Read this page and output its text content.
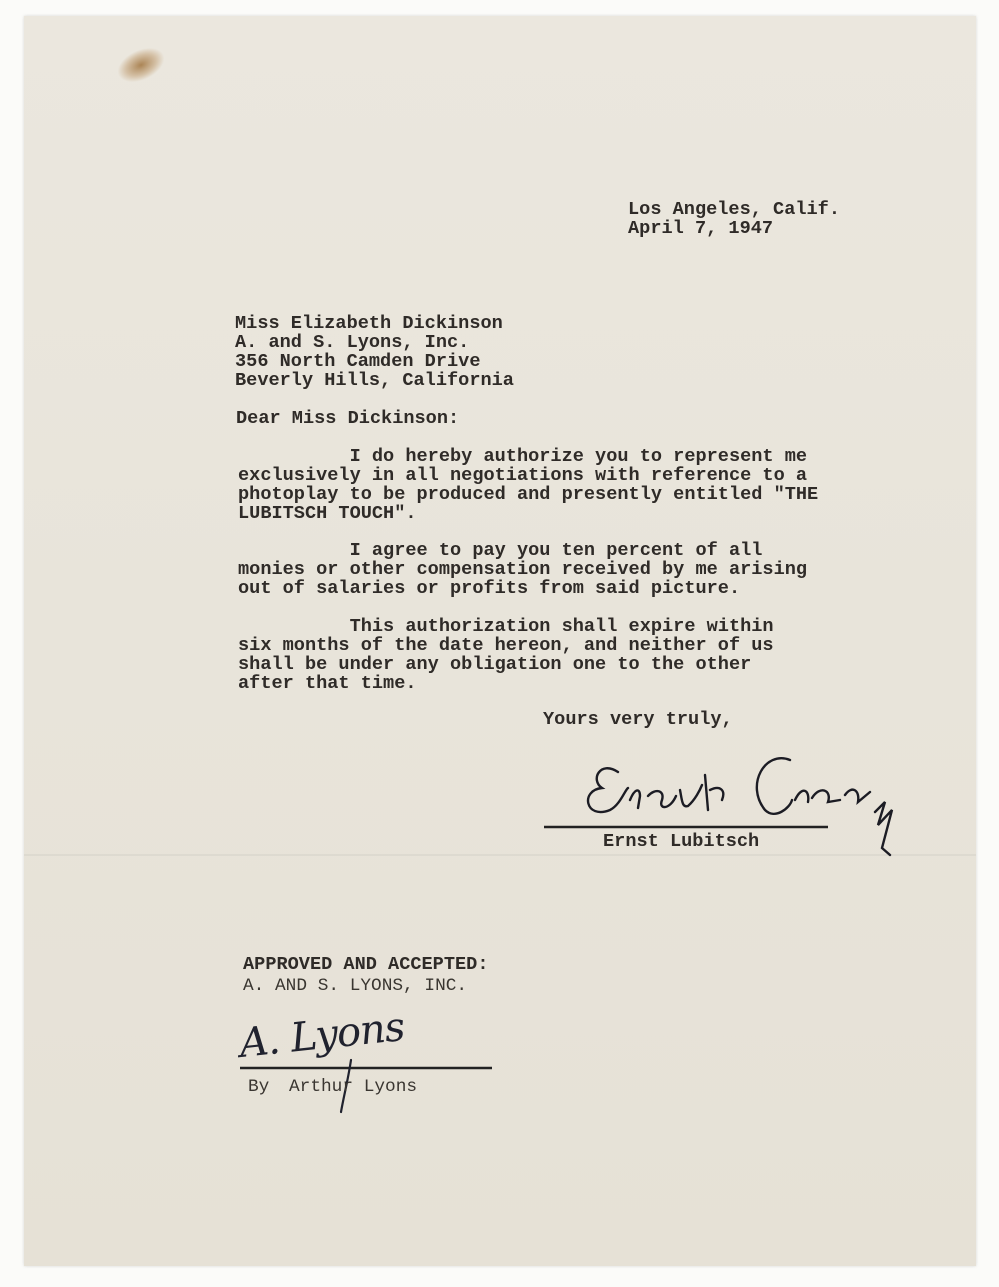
Los Angeles, Calif.
April 7, 1947
Miss Elizabeth Dickinson
A. and S. Lyons, Inc.
356 North Camden Drive
Beverly Hills, California
Dear Miss Dickinson:
I do hereby authorize you to represent me
exclusively in all negotiations with reference to a
photoplay to be produced and presently entitled "THE
LUBITSCH TOUCH".
I agree to pay you ten percent of all
monies or other compensation received by me arising
out of salaries or profits from said picture.
This authorization shall expire within
six months of the date hereon, and neither of us
shall be under any obligation one to the other
after that time.
Yours very truly,
Ernst Lubitsch
APPROVED AND ACCEPTED:
A. AND S. LYONS, INC.
A. Lyons
By Arthur Lyons
